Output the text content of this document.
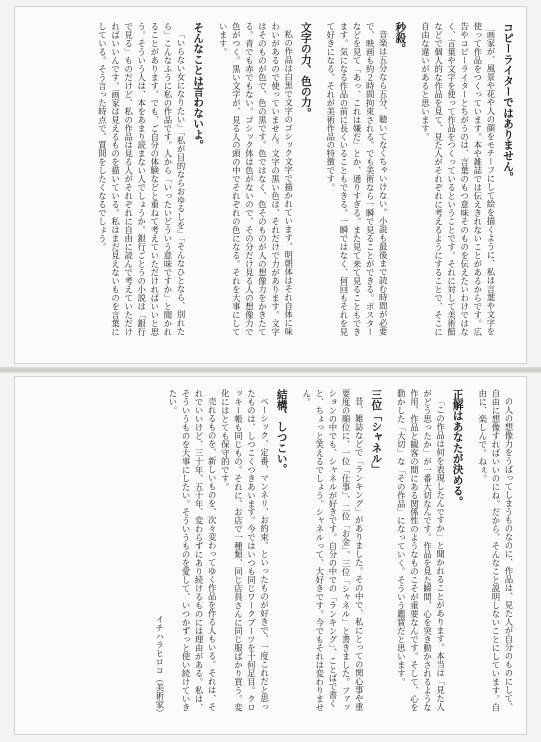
コピーライターではありません。
画家が、風景や花や人の顔をモチーフにして絵を描くように、私は言葉や文字を使って作品をつくっています。本や雑誌では伝えきれないことがあるからです。広告やコピーライターとちがうのは、言葉のもつ意味そのものを伝えたいわけではなく、言葉や文字を使って作品をつくっているということです。それに対して美術館などで個人的な作品を見て、見た人がそれぞれに考えるようにすることで、そこに自由な違いがあると思います。
秒殺。
音楽は五分なら五分、聴いてなくちゃいけない。小説も最後まで読む時間が必要で、映画も約２時間拘束される。でも美術なら一瞬で見ることができる。ポスターなどを見て「あっ、これは嫌だ」とか、通りすぎる。また見て来て見ることもできます。気になる作品の前に長くいることもできる。一瞬ではなく、何回もそれを見て好きになる。それが美術作品の特徴です。
文字の力、色の力。
私の作品は白黒で文字のゴシック文字で描かれています。明朝体はそれ自体に味わいがあるので使っていません。文字の黒い色は、それだけで力があります。文字はそのものが色で、色の黒です。色ではなく、色そのものが人の想像力をかきたてる。青でも赤でもない。ゴシック体は色がないので、その分だけ見る人の想像力で色がつく。黒い文字が、見る人の頭の中でそれぞれの色になる。それを大事にしています。
そんなことは言わないよ。
「いらない女になりたい」「私が目的ならおゆるしを」「そんなひとなら、別れたら」こんなふうに私の作品です。人から「いったいどういう意味ですか」と聞かれることがあります。でも、ご自分の体験などと重ねて考えていただければいいと思う。そういう人は、本をあまり読まない人でしょうか。銀行ごとうの小説は「銀行で見る」ものだけど、私の作品は見る人がそれぞれに自由に読んで考えていただければいいんです。画家は見えるものを描いている。私はまだ見えないものを言葉にしている。そう言った時点で、質問をしたくなるでしょう。
の人の想像力をうばってしまうものなのに、作品は、見た人が自分のものにして、自由に想像すればいいのにね。だから、そんなこと説明しないことにしています。自由に、楽しんで。ねぇ。
正解はあなたが決める。
「この作品は何を表現したんですか」と聞かれることがあります。本当は「見た人がどう思ったか」が一番大切なんです。作品を見た瞬間、心を突き動かされるような作用、作品と観客の間にある関係性のようなものこそが重要なんです。そして、心を動かした「大切」な「その作品」になっていく。そういう鑑賞だと思います。
三位「シャネル」
昔、雑誌などで「ランキング」がありました。その中で、私にとっての関心事や重要度の順位に、一位「仕事」、二位「お金」、三位「シャネル」と書きました。ファッションの中でも、シャネルが好きです。自分の中での「ランキング」、ことばで書くと、ちょっと笑えるでしょう。シャネルって、大好きです。今でもそれは変わりません。
結構、しつこい。
ベーシック、定番、マンネリ、お約束。といったものが好きで、一度これだと思ったものは、しつこくつきあいます。今ではいつも同じワークブーツを十何足目。クロッキー帳も同じもの。それに、お店で一種類、同じ店員さんに同じ服ばかり買う。変化にはとても保守的です。
売れるものを、新しいものを、次々変わってゆく作品を作る人もいる。それは、それでいいけど、三十年、五十年、変わらずにあり続けるものには理由がある。私は、そういうものを大事にしたい。そういうものを愛して、いつかずっと使い続けていきたい。
イチハラヒロコ（美術家）
